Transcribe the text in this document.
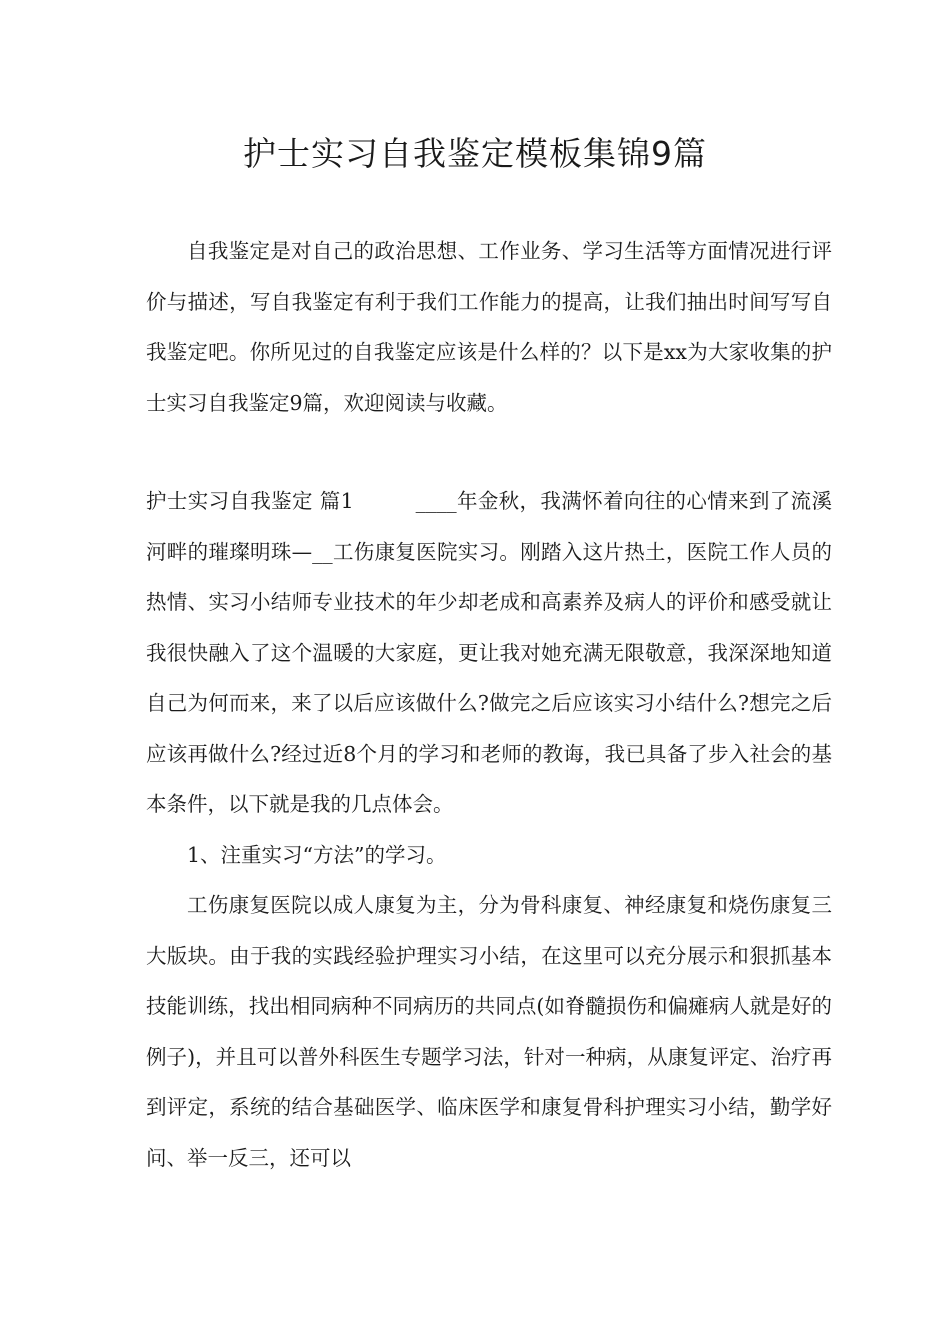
护士实习自我鉴定模板集锦9篇

自我鉴定是对自己的政治思想、工作业务、学习生活等方面情况进行评价与描述，写自我鉴定有利于我们工作能力的提高，让我们抽出时间写写自我鉴定吧。你所见过的自我鉴定应该是什么样的？以下是xx为大家收集的护士实习自我鉴定9篇，欢迎阅读与收藏。

护士实习自我鉴定 篇1	____年金秋，我满怀着向往的心情来到了流溪河畔的璀璨明珠—__工伤康复医院实习。刚踏入这片热土，医院工作人员的热情、实习小结师专业技术的年少却老成和高素养及病人的评价和感受就让我很快融入了这个温暖的大家庭，更让我对她充满无限敬意，我深深地知道自己为何而来，来了以后应该做什么?做完之后应该实习小结什么?想完之后应该再做什么?经过近8个月的学习和老师的教诲，我已具备了步入社会的基本条件，以下就是我的几点体会。

1、注重实习“方法”的学习。

工伤康复医院以成人康复为主，分为骨科康复、神经康复和烧伤康复三大版块。由于我的实践经验护理实习小结，在这里可以充分展示和狠抓基本技能训练，找出相同病种不同病历的共同点(如脊髓损伤和偏瘫病人就是好的例子)，并且可以普外科医生专题学习法，针对一种病，从康复评定、治疗再到评定，系统的结合基础医学、临床医学和康复骨科护理实习小结，勤学好问、举一反三，还可以
